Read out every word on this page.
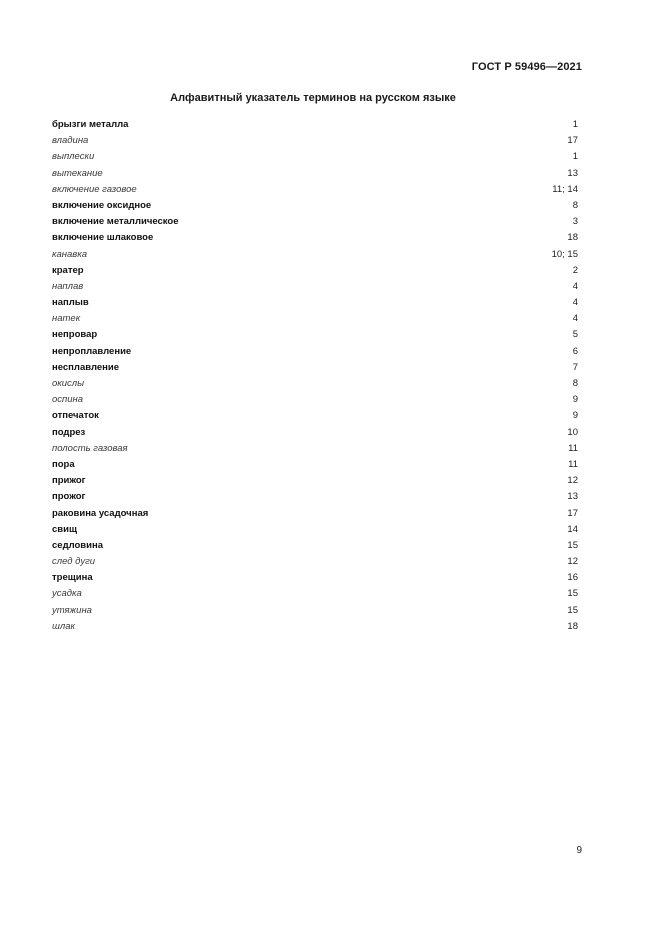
ГОСТ Р 59496—2021
Алфавитный указатель терминов на русском языке
брызги металла	1
владина	17
выплески	1
вытекание	13
включение газовое	11; 14
включение оксидное	8
включение металлическое	3
включение шлаковое	18
канавка	10; 15
кратер	2
наплав	4
наплыв	4
натек	4
непровар	5
непроплавление	6
несплавление	7
окислы	8
оспина	9
отпечаток	9
подрез	10
полость газовая	11
пора	11
прижог	12
прожог	13
раковина усадочная	17
свищ	14
седловина	15
след дуги	12
трещина	16
усадка	15
утяжина	15
шлак	18
9
